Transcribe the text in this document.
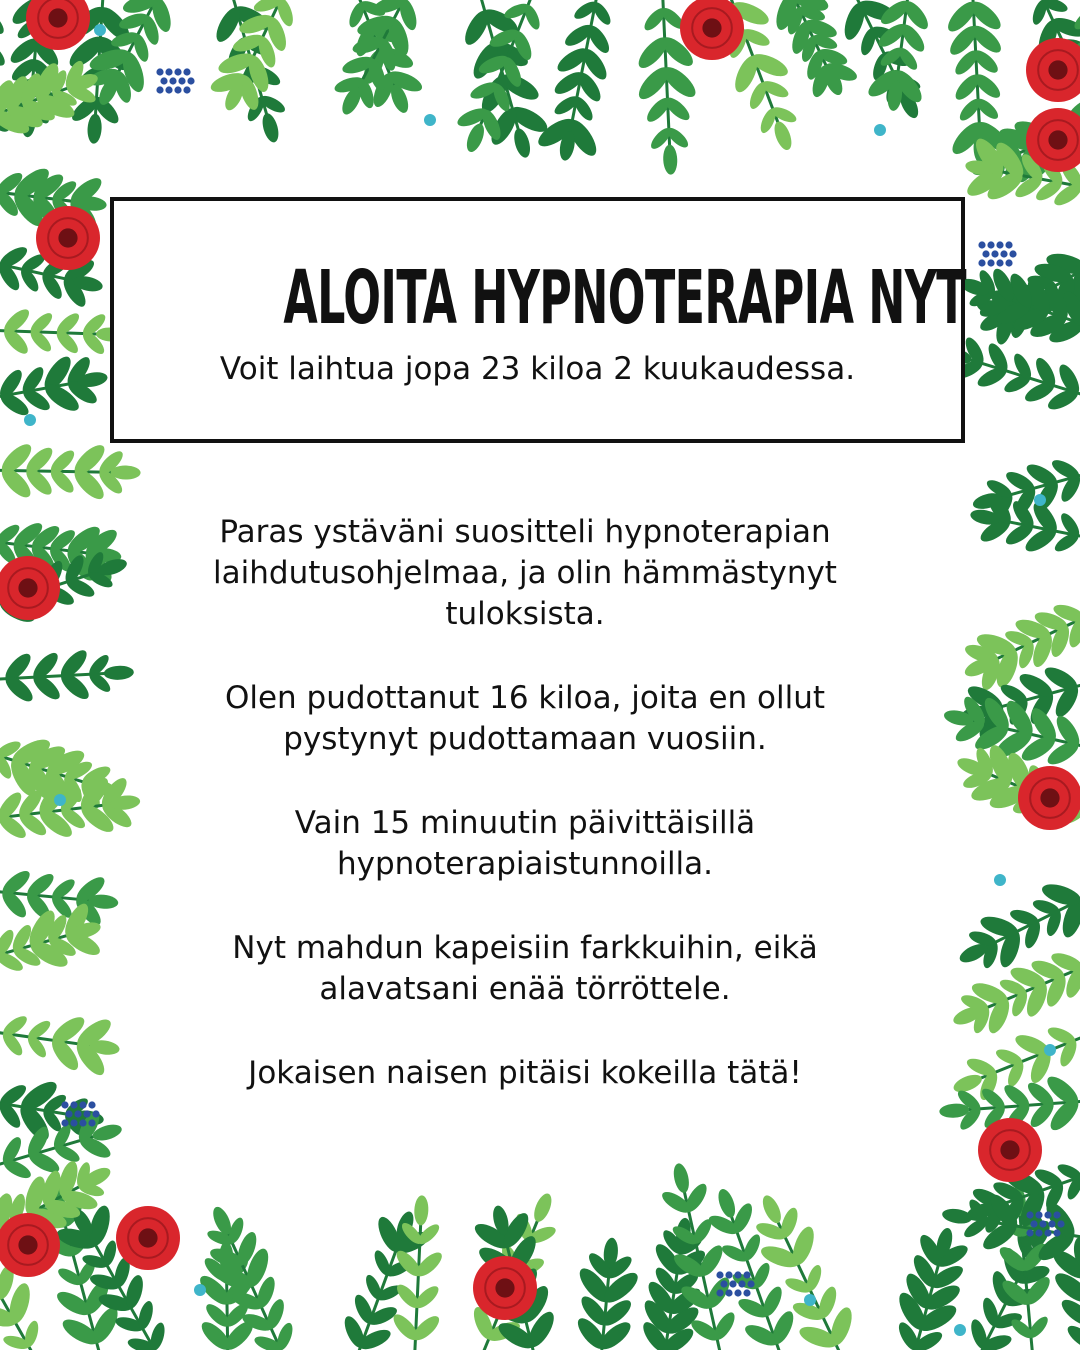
ALOITA HYPNOTERAPIA NYT

Voit laihtua jopa 23 kiloa 2 kuukaudessa.

Paras ystäväni suositteli hypnoterapian
laihdutusohjelmaa, ja olin hämmästynyt
tuloksista.

Olen pudottanut 16 kiloa, joita en ollut
pystynyt pudottamaan vuosiin.

Vain 15 minuutin päivittäisillä
hypnoterapiaistunnoilla.

Nyt mahdun kapeisiin farkkuihin, eikä
alavatsani enää törröttele.

Jokaisen naisen pitäisi kokeilla tätä!
